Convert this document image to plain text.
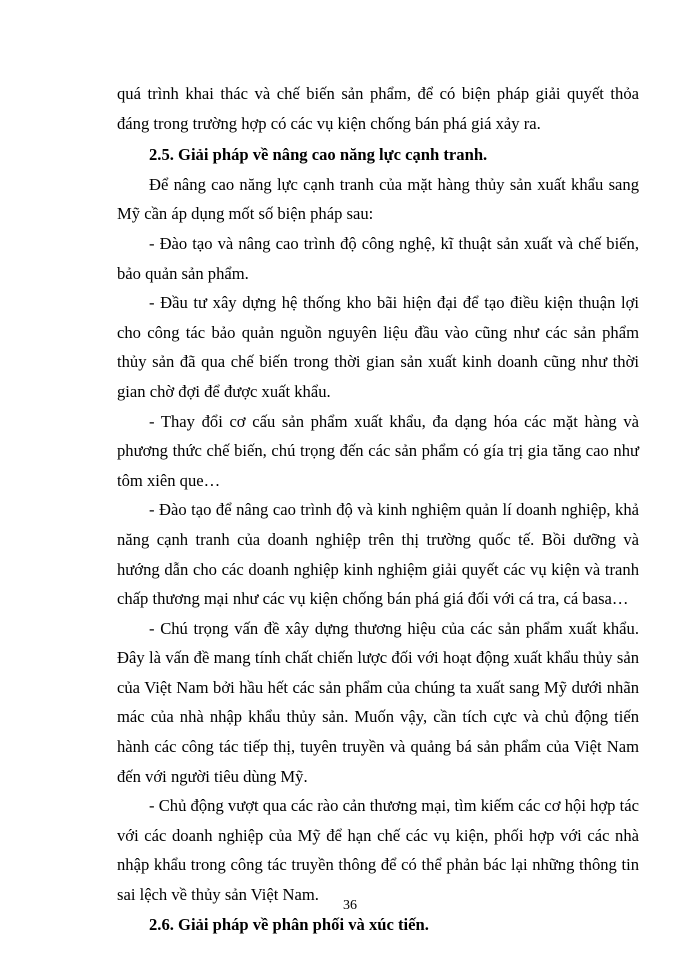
quá trình khai thác và chế biến sản phẩm, để có biện pháp giải quyết thỏa đáng trong trường hợp có các vụ kiện chống bán phá giá xảy ra.

2.5. Giải pháp về nâng cao năng lực cạnh tranh.

Để nâng cao năng lực cạnh tranh của mặt hàng thủy sản xuất khẩu sang Mỹ cần áp dụng mốt số biện pháp sau:

- Đào tạo và nâng cao trình độ công nghệ, kĩ thuật sản xuất và chế biến, bảo quản sản phẩm.

- Đầu tư xây dựng hệ thống kho bãi hiện đại để tạo điều kiện thuận lợi cho công tác bảo quản nguồn nguyên liệu đầu vào cũng như các sản phẩm thủy sản đã qua chế biến trong thời gian sản xuất kinh doanh cũng như thời gian chờ đợi để được xuất khẩu.

- Thay đổi cơ cấu sản phẩm xuất khẩu, đa dạng hóa các mặt hàng và phương thức chế biến, chú trọng đến các sản phẩm có gía trị gia tăng cao như tôm xiên que…

- Đào tạo để nâng cao trình độ và kinh nghiệm quản lí doanh nghiệp, khả năng cạnh tranh của doanh nghiệp trên thị trường quốc tế. Bồi dưỡng và hướng dẫn cho các doanh nghiệp kinh nghiệm giải quyết các vụ kiện và tranh chấp thương mại như các vụ kiện chống bán phá giá đối với cá tra, cá basa…

- Chú trọng vấn đề xây dựng thương hiệu của các sản phẩm xuất khẩu. Đây là vấn đề mang tính chất chiến lược đối với hoạt động xuất khẩu thủy sản của Việt Nam bởi hầu hết các sản phẩm của chúng ta xuất sang Mỹ dưới nhãn mác của nhà nhập khẩu thủy sản. Muốn vậy, cần tích cực và chủ động tiến hành các công tác tiếp thị, tuyên truyền và quảng bá sản phẩm của Việt Nam đến với người tiêu dùng Mỹ.

- Chủ động vượt qua các rào cản thương mại, tìm kiếm các cơ hội hợp tác với các doanh nghiệp của Mỹ để hạn chế các vụ kiện, phối hợp với các nhà nhập khẩu trong công tác truyền thông để có thể phản bác lại những thông tin sai lệch về thủy sản Việt Nam.

2.6. Giải pháp về phân phối và xúc tiến.

36
